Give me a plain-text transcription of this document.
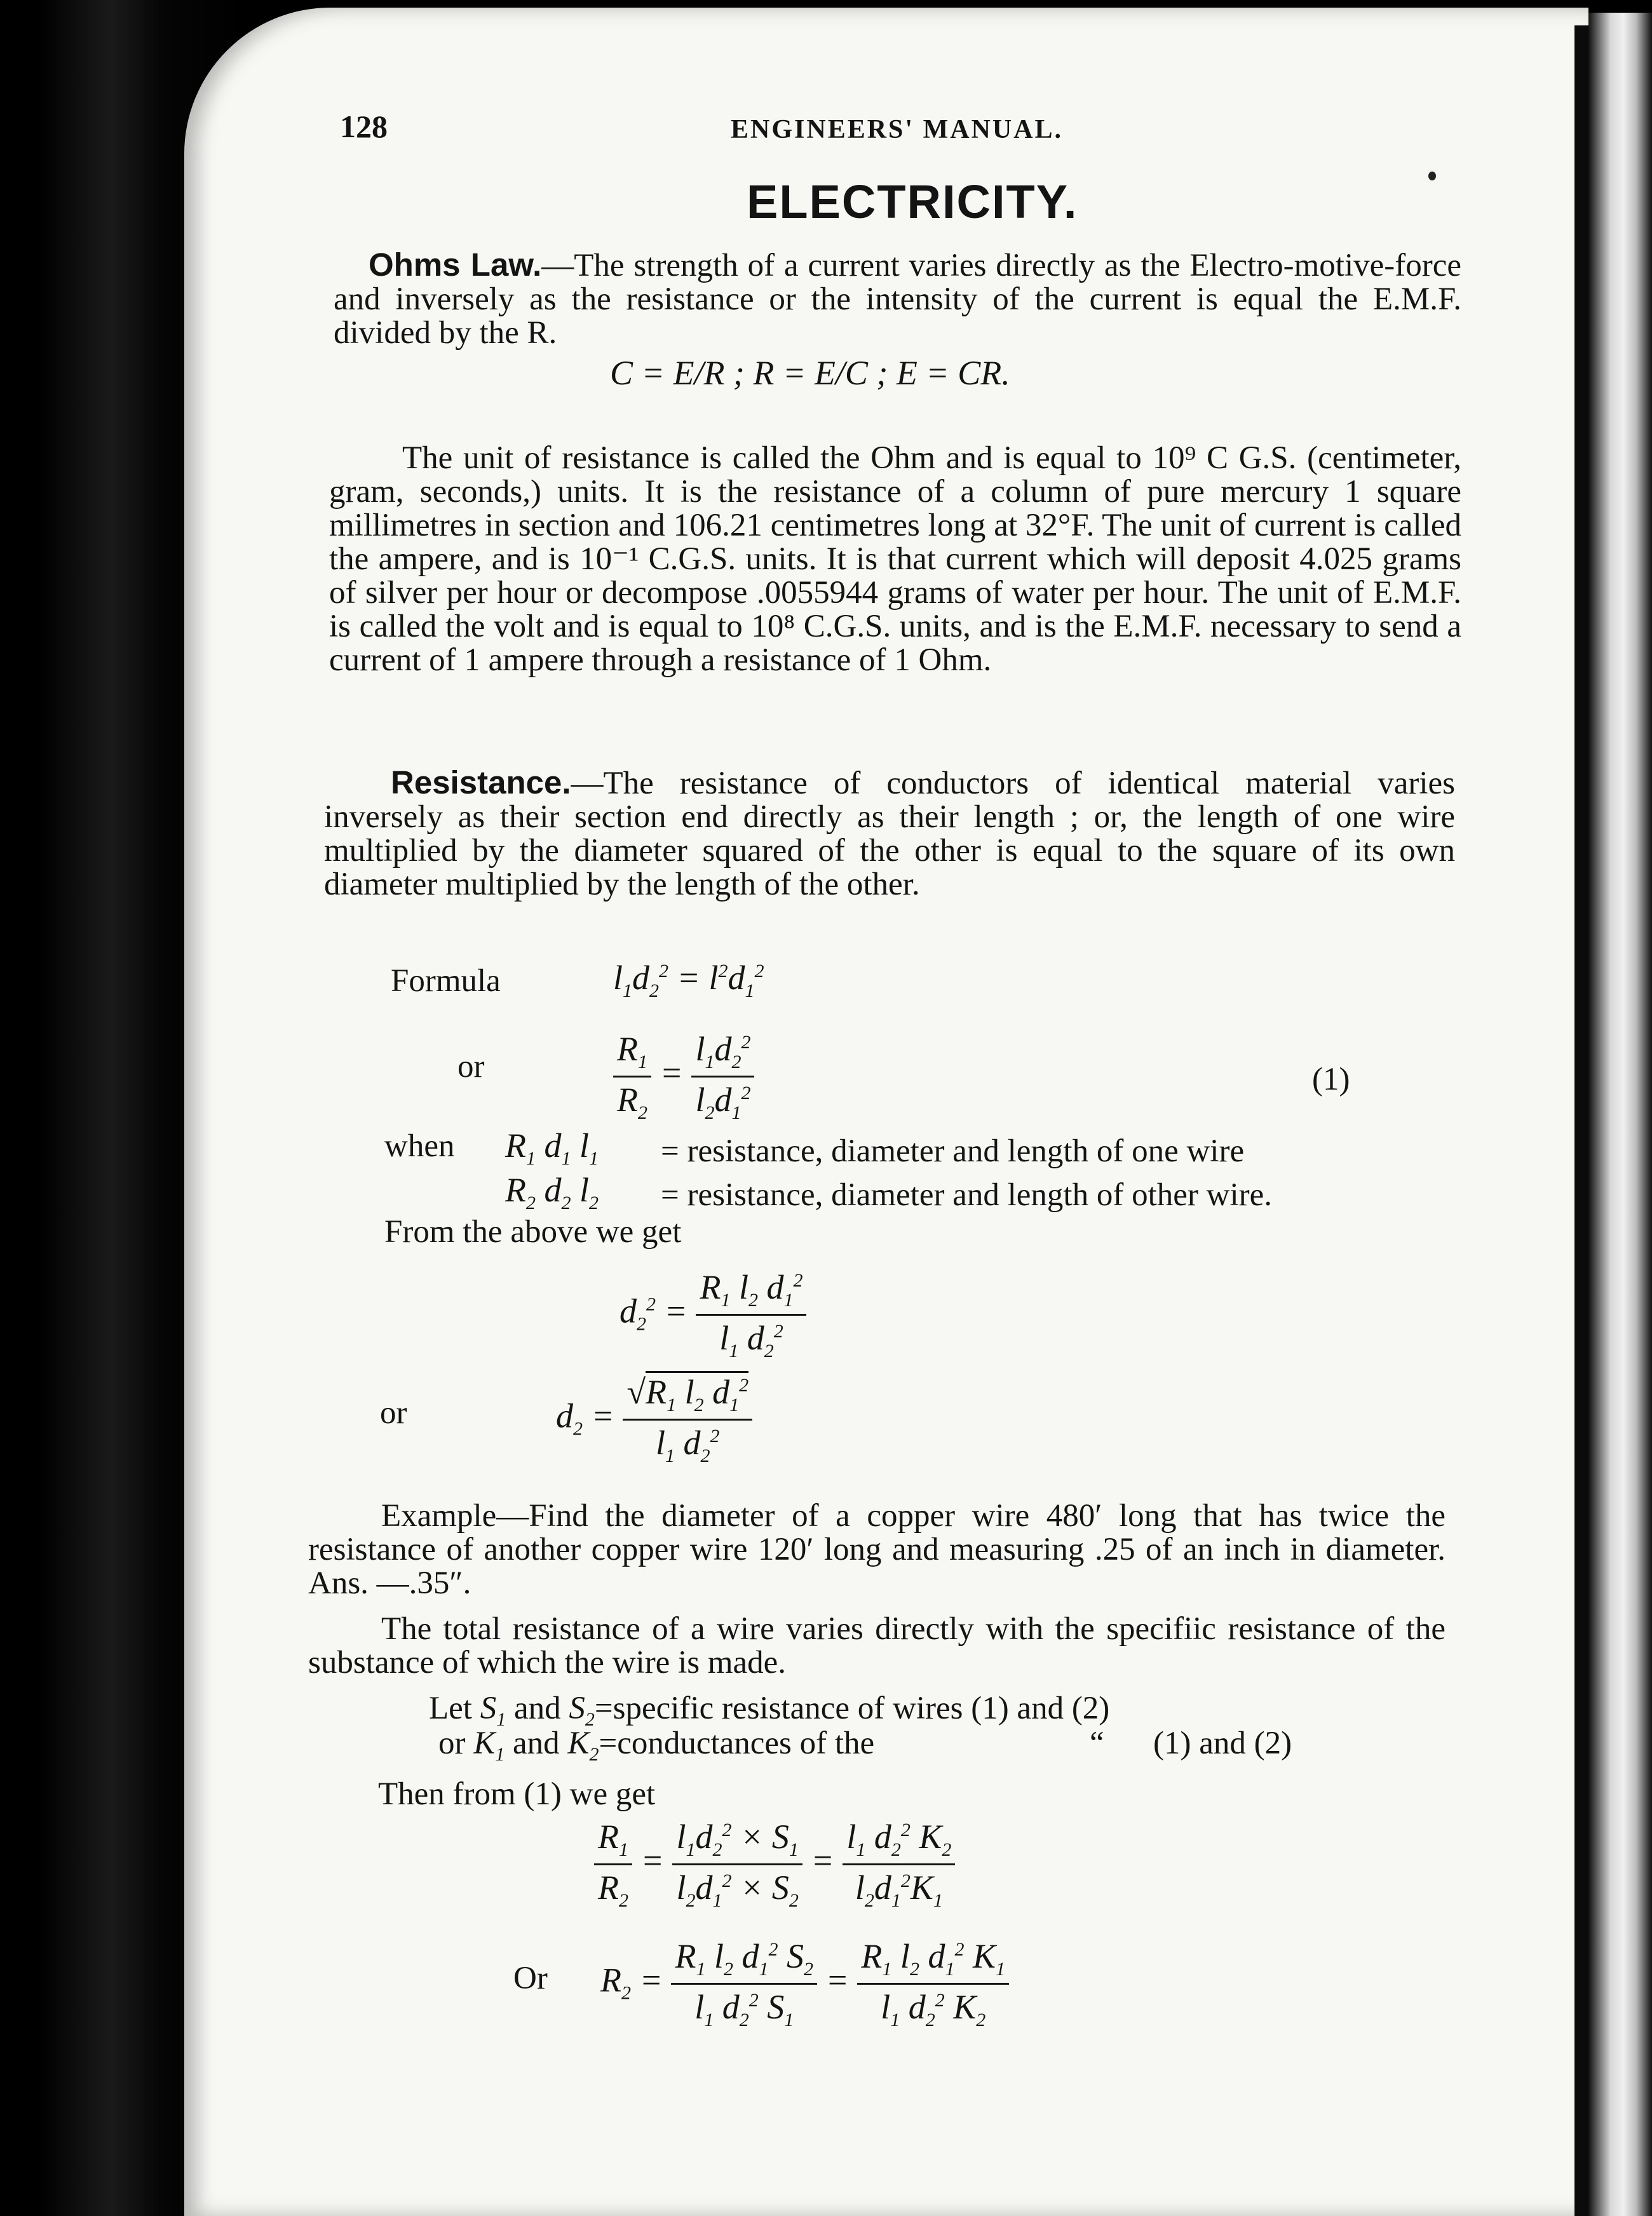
128	ENGINEERS' MANUAL.
ELECTRICITY.

Ohms Law.—The strength of a current varies directly as the Electro-motive-force and inversely as the resistance or the intensity of the current is equal the E.M.F. divided by the R.

C = E/R ; R = E/C ; E = CR.

The unit of resistance is called the Ohm and is equal to 10⁹ C G.S. (centimeter, gram, seconds,) units. It is the resistance of a column of pure mercury 1 square millimetres in section and 106.21 centimetres long at 32°F. The unit of current is called the ampere, and is 10⁻¹ C.G.S. units. It is that current which will deposit 4.025 grams of silver per hour or decompose .0055944 grams of water per hour. The unit of E.M.F. is called the volt and is equal to 10⁸ C.G.S. units, and is the E.M.F. necessary to send a current of 1 ampere through a resistance of 1 Ohm.

Resistance.—The resistance of conductors of identical material varies inversely as their section end directly as their length ; or, the length of one wire multiplied by the diameter squared of the other is equal to the square of its own diameter multiplied by the length of the other.

Formula	$l_1d_2^2 = l^2d_1^2$
or	$\frac{R_1}{R_2} = \frac{l_1d_2^2}{l_2d_1^2}$	(1)
when $R_1$ $d_1$ $l_1$ = resistance, diameter and length of one wire
$R_2$ $d_2$ $l_2$ = resistance, diameter and length of other wire.
From the above we get
$d_2^2 = \frac{R_1 l_2 d_1^2}{l_1 d_2^2}$
or	$d_2 = \frac{√R_1 l_2 d_1^2}{l_1 d_2^2}$

Example—Find the diameter of a copper wire 480′ long that has twice the resistance of another copper wire 120′ long and measuring .25 of an inch in diameter. Ans. —.35″.

The total resistance of a wire varies directly with the specifiic resistance of the substance of which the wire is made.

Let $S_1$ and $S_2=specific$ resistance of wires (1) and (2)
or $K_1$ and $K_2=conductances$ of the	“ (1) and (2)
Then from (1) we get
$\frac{R_1}{R_2} = \frac{l_1d_2^2 \times S_1}{l_2d_1^2 \times S_2} = \frac{l_1 d_2^2 K_2}{l_2d_1^2K_1}$
Or $R_2 = \frac{R_1 l_2 d_1^2 S_2}{l_1 d_2^2 S_1} = \frac{R_1 l_2 d_1^2 K_1}{l_1 d_2^2 K_2}$
